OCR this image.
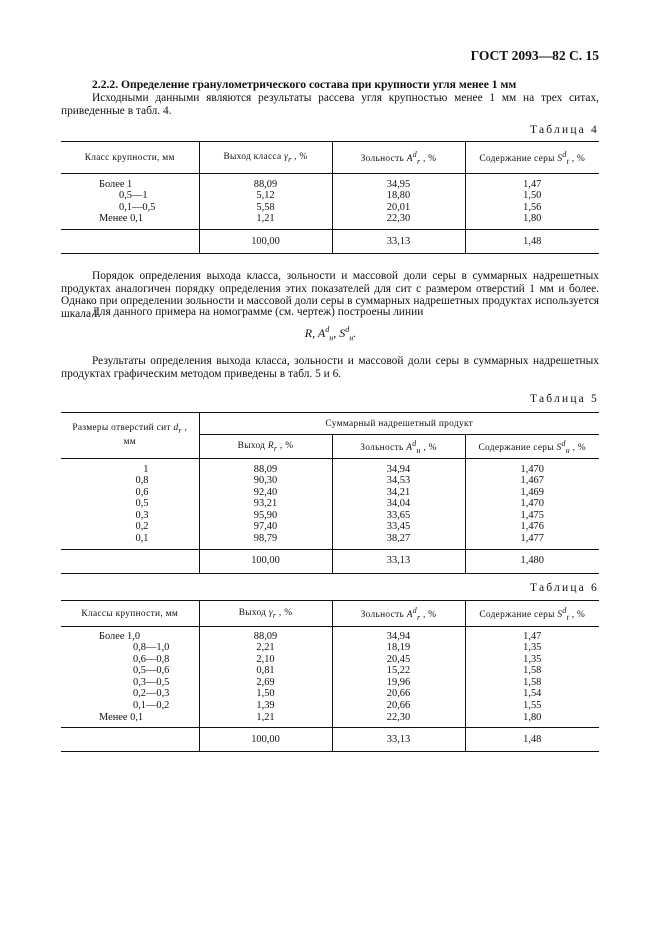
ГОСТ 2093—82 С. 15
2.2.2. Определение гранулометрического состава при крупности угля менее 1 мм
Исходными данными являются результаты рассева угля крупностью менее 1 мм на трех ситах, приведенные в табл. 4.
Таблица 4
Класс крупности, мм	Выход класса $\gamma_r$ , %	Зольность $A^d_r$ , %	Содержание серы $S^d_t$ , %

Более 1	88,09	34,95	1,47
0,5—1	5,12	18,80	1,50
0,1—0,5	5,58	20,01	1,56
Менее 0,1	1,21	22,30	1,80
	100,00	33,13	1,48
Порядок определения выхода класса, зольности и массовой доли серы в суммарных надрешетных продуктах аналогичен порядку определения этих показателей для сит с размером отверстий 1 мм и более. Однако при определении зольности и массовой доли серы в суммарных надрешетных продуктах используется шкала I.
Для данного примера на номограмме (см. чертеж) построены линии
R, $A^d_н$, $S^d_н$.
Результаты определения выхода класса, зольности и массовой доли серы в суммарных надрешетных продуктах графическим методом приведены в табл. 5 и 6.
Таблица 5
Размеры отверстий сит $d_r$ ,
мм	Суммарный надрешетный продукт		
	Выход $R_r$ , %	Зольность $A^d_н$ , %	Содержание серы $S^d_н$ , %

1	88,09	34,94	1,470
0,8	90,30	34,53	1,467
0,6	92,40	34,21	1,469
0,5	93,21	34,04	1,470
0,3	95,90	33,65	1,475
0,2	97,40	33,45	1,476
0,1	98,79	38,27	1,477
	100,00	33,13	1,480
Таблица 6
Классы крупности, мм	Выход $\gamma_r$ , %	Зольность $A^d_r$ , %	Содержание серы $S^d_t$ , %

Более 1,0	88,09	34,94	1,47
0,8—1,0	2,21	18,19	1,35
0,6—0,8	2,10	20,45	1,35
0,5—0,6	0,81	15,22	1,58
0,3—0,5	2,69	19,96	1,58
0,2—0,3	1,50	20,66	1,54
0,1—0,2	1,39	20,66	1,55
Менее 0,1	1,21	22,30	1,80
	100,00	33,13	1,48
